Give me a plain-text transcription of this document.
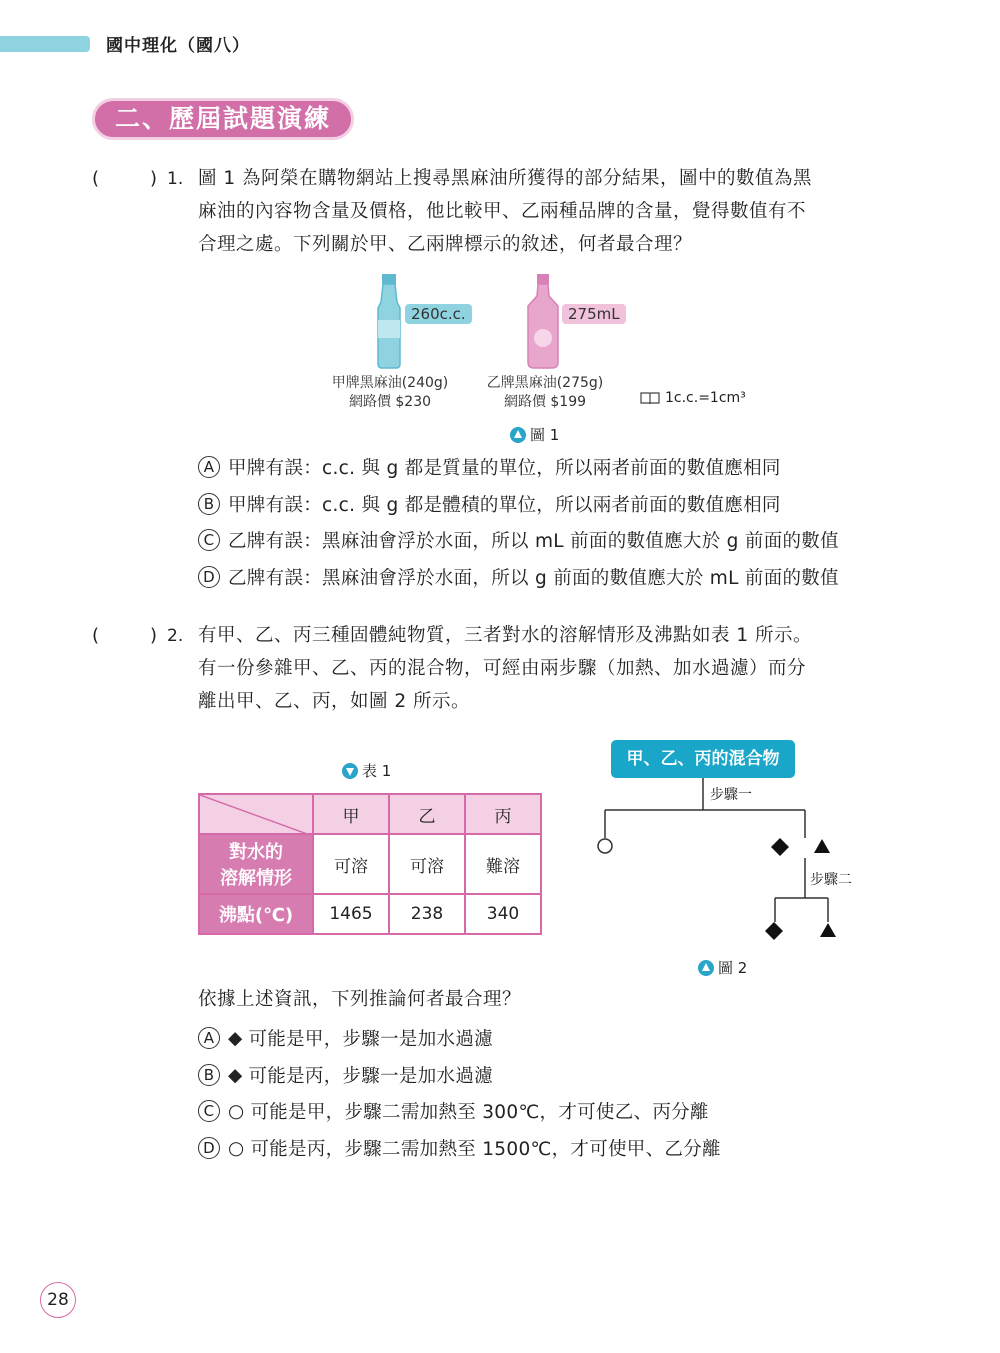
國中理化（國八）
二、歷屆試題演練
(	) 1. 圖 1 為阿榮在購物網站上搜尋黑麻油所獲得的部分結果，圖中的數值為黑
麻油的內容物含量及價格，他比較甲、乙兩種品牌的含量，覺得數值有不
合理之處。下列關於甲、乙兩牌標示的敘述，何者最合理？
260c.c.	275mL
甲牌黑麻油(240g)
網路價 $230
乙牌黑麻油(275g)
網路價 $199	1c.c.=1cm³
圖 1
A 甲牌有誤：c.c. 與 g 都是質量的單位，所以兩者前面的數值應相同
B 甲牌有誤：c.c. 與 g 都是體積的單位，所以兩者前面的數值應相同
C 乙牌有誤：黑麻油會浮於水面，所以 mL 前面的數值應大於 g 前面的數值
D 乙牌有誤：黑麻油會浮於水面，所以 g 前面的數值應大於 mL 前面的數值
(	) 2. 有甲、乙、丙三種固體純物質，三者對水的溶解情形及沸點如表 1 所示。
有一份參雜甲、乙、丙的混合物，可經由兩步驟（加熱、加水過濾）而分
離出甲、乙、丙，如圖 2 所示。
表 1
	甲	乙	丙

對水的
溶解情形	可溶	可溶	難溶
沸點(℃)	1465	238	340
甲、乙、丙的混合物
步驟一
步驟二
圖 2
依據上述資訊，下列推論何者最合理？
A ◆ 可能是甲，步驟一是加水過濾
B ◆ 可能是丙，步驟一是加水過濾
C ○ 可能是甲，步驟二需加熱至 300℃，才可使乙、丙分離
D ○ 可能是丙，步驟二需加熱至 1500℃，才可使甲、乙分離
28
